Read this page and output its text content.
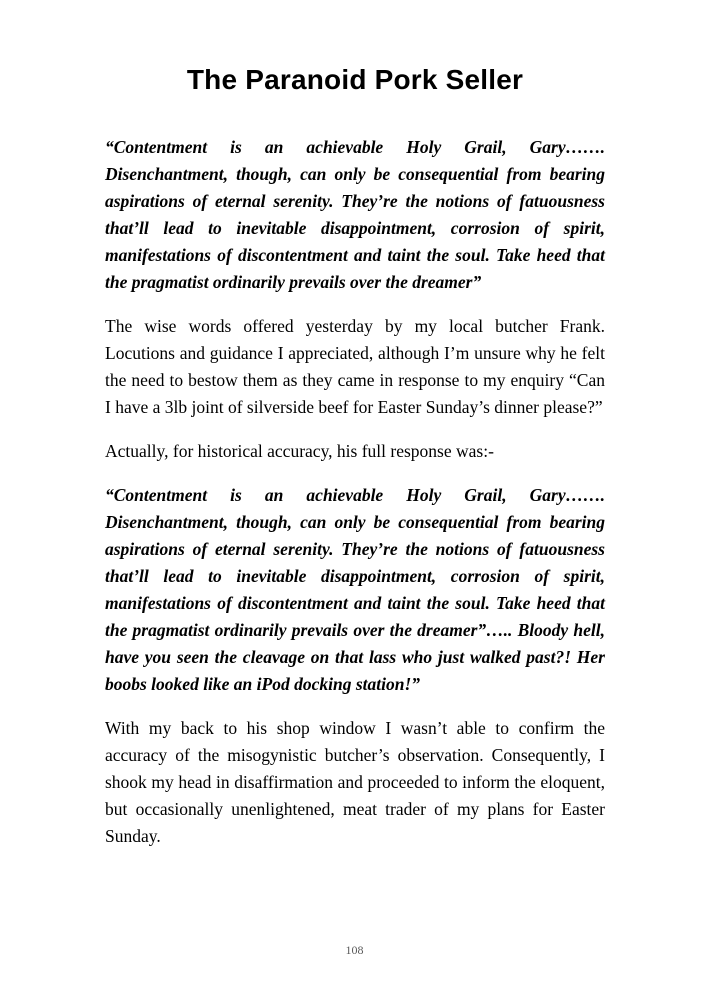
The Paranoid Pork Seller

“Contentment is an achievable Holy Grail, Gary……. Disenchantment, though, can only be consequential from bearing aspirations of eternal serenity. They’re the notions of fatuousness that’ll lead to inevitable disappointment, corrosion of spirit, manifestations of discontentment and taint the soul. Take heed that the pragmatist ordinarily prevails over the dreamer”

The wise words offered yesterday by my local butcher Frank. Locutions and guidance I appreciated, although I’m unsure why he felt the need to bestow them as they came in response to my enquiry “Can I have a 3lb joint of silverside beef for Easter Sunday’s dinner please?”

Actually, for historical accuracy, his full response was:-

“Contentment is an achievable Holy Grail, Gary……. Disenchantment, though, can only be consequential from bearing aspirations of eternal serenity. They’re the notions of fatuousness that’ll lead to inevitable disappointment, corrosion of spirit, manifestations of discontentment and taint the soul. Take heed that the pragmatist ordinarily prevails over the dreamer”….. Bloody hell, have you seen the cleavage on that lass who just walked past?! Her boobs looked like an iPod docking station!”

With my back to his shop window I wasn’t able to confirm the accuracy of the misogynistic butcher’s observation. Consequently, I shook my head in disaffirmation and proceeded to inform the eloquent, but occasionally unenlightened, meat trader of my plans for Easter Sunday.

108
